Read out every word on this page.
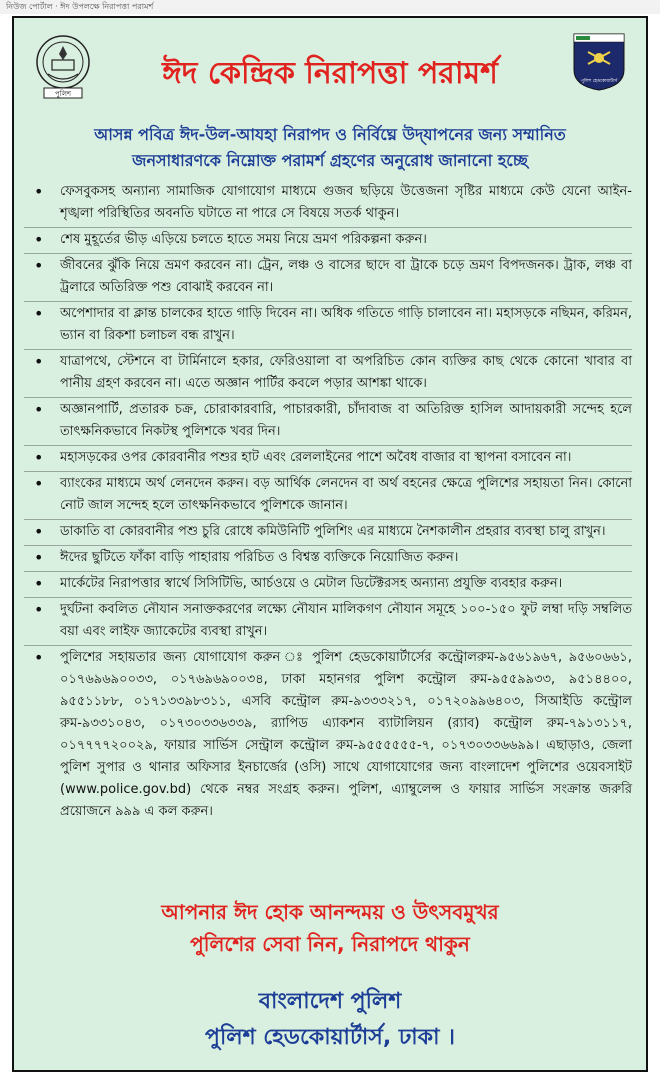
নিউজ পোর্টাল · ঈদ উপলক্ষে নিরাপত্তা পরামর্শ
পুলিশ
পুলিশ হেডকোয়ার্টার্স
ঈদ কেন্দ্রিক নিরাপত্তা পরামর্শ
আসন্ন পবিত্র ঈদ-উল-আযহা নিরাপদ ও নির্বিঘ্নে উদ্‌যাপনের জন্য সম্মানিত
জনসাধারণকে নিম্নোক্ত পরামর্শ গ্রহণের অনুরোধ জানানো হচ্ছে
• ফেসবুকসহ অন্যান্য সামাজিক যোগাযোগ মাধ্যমে গুজব ছড়িয়ে উত্তেজনা সৃষ্টির মাধ্যমে কেউ যেনো আইন-শৃঙ্খলা পরিস্থিতির অবনতি ঘটাতে না পারে সে বিষয়ে সতর্ক থাকুন।
• শেষ মুহূর্তের ভীড় এড়িয়ে চলতে হাতে সময় নিয়ে ভ্রমণ পরিকল্পনা করুন।
• জীবনের ঝুঁকি নিয়ে ভ্রমণ করবেন না। ট্রেন, লঞ্চ ও বাসের ছাদে বা ট্রাকে চড়ে ভ্রমণ বিপদজনক। ট্রাক, লঞ্চ বা ট্রলারে অতিরিক্ত পশু বোঝাই করবেন না।
• অপেশাদার বা ক্লান্ত চালকের হাতে গাড়ি দিবেন না। অধিক গতিতে গাড়ি চালাবেন না। মহাসড়কে নছিমন, করিমন, ভ্যান বা রিকশা চলাচল বন্ধ রাখুন।
• যাত্রাপথে, স্টেশনে বা টার্মিনালে হকার, ফেরিওয়ালা বা অপরিচিত কোন ব্যক্তির কাছ থেকে কোনো খাবার বা পানীয় গ্রহণ করবেন না। এতে অজ্ঞান পার্টির কবলে পড়ার আশঙ্কা থাকে।
• অজ্ঞানপার্টি, প্রতারক চক্র, চোরাকারবারি, পাচারকারী, চাঁদাবাজ বা অতিরিক্ত হাসিল আদায়কারী সন্দেহ হলে তাৎক্ষনিকভাবে নিকটস্থ পুলিশকে খবর দিন।
• মহাসড়কের ওপর কোরবানীর পশুর হাট এবং রেললাইনের পাশে অবৈধ বাজার বা স্থাপনা বসাবেন না।
• ব্যাংকের মাধ্যমে অর্থ লেনদেন করুন। বড় আর্থিক লেনদেন বা অর্থ বহনের ক্ষেত্রে পুলিশের সহায়তা নিন। কোনো নোট জাল সন্দেহ হলে তাৎক্ষনিকভাবে পুলিশকে জানান।
• ডাকাতি বা কোরবানীর পশু চুরি রোধে কমিউনিটি পুলিশিং এর মাধ্যমে নৈশকালীন প্রহরার ব্যবস্থা চালু রাখুন।
• ঈদের ছুটিতে ফাঁকা বাড়ি পাহারায় পরিচিত ও বিশ্বস্ত ব্যক্তিকে নিয়োজিত করুন।
• মার্কেটের নিরাপত্তার স্বার্থে সিসিটিভি, আর্চওয়ে ও মেটাল ডিটেক্টরসহ অন্যান্য প্রযুক্তি ব্যবহার করুন।
• দুর্ঘটনা কবলিত নৌযান সনাক্তকরণের লক্ষ্যে নৌযান মালিকগণ নৌযান সমূহে ১০০-১৫০ ফুট লম্বা দড়ি সম্বলিত বয়া এবং লাইফ জ্যাকেটের ব্যবস্থা রাখুন।
• পুলিশের সহায়তার জন্য যোগাযোগ করুন ঃ পুলিশ হেডকোয়ার্টার্সের কন্ট্রোলরুম-৯৫৬১৯৬৭, ৯৫৬০৬৬১, ০১৭৬৯৬৯০০৩৩, ০১৭৬৯৬৯০০৩৪, ঢাকা মহানগর পুলিশ কন্ট্রোল রুম-৯৫৫৯৯৩৩, ৯৫১৪৪০০, ৯৫৫১১৮৮, ০১৭১৩৩৯৮৩১১, এসবি কন্ট্রোল রুম-৯৩৩৩২১৭, ০১৭২০৯৯৬৪০৩, সিআইডি কন্ট্রোল রুম-৯৩৩১০৪৩, ০১৭৩০৩৩৬৩৩৯, র‍্যাপিড এ্যাকশন ব্যাটালিয়ন (র‍্যাব) কন্ট্রোল রুম-৭৯১৩১১৭, ০১৭৭৭৭২০০২৯, ফায়ার সার্ভিস সেন্ট্রাল কন্ট্রোল রুম-৯৫৫৫৫৫৫-৭, ০১৭৩০৩৩৬৬৯৯। এছাড়াও, জেলা পুলিশ সুপার ও থানার অফিসার ইনচার্জের (ওসি) সাথে যোগাযোগের জন্য বাংলাদেশ পুলিশের ওয়েবসাইট (www.police.gov.bd) থেকে নম্বর সংগ্রহ করুন। পুলিশ, এ্যাম্বুলেন্স ও ফায়ার সার্ভিস সংক্রান্ত জরুরি প্রয়োজনে ৯৯৯ এ কল করুন।
আপনার ঈদ হোক আনন্দময় ও উৎসবমুখর
পুলিশের সেবা নিন, নিরাপদে থাকুন
বাংলাদেশ পুলিশ
পুলিশ হেডকোয়ার্টার্স, ঢাকা ।
